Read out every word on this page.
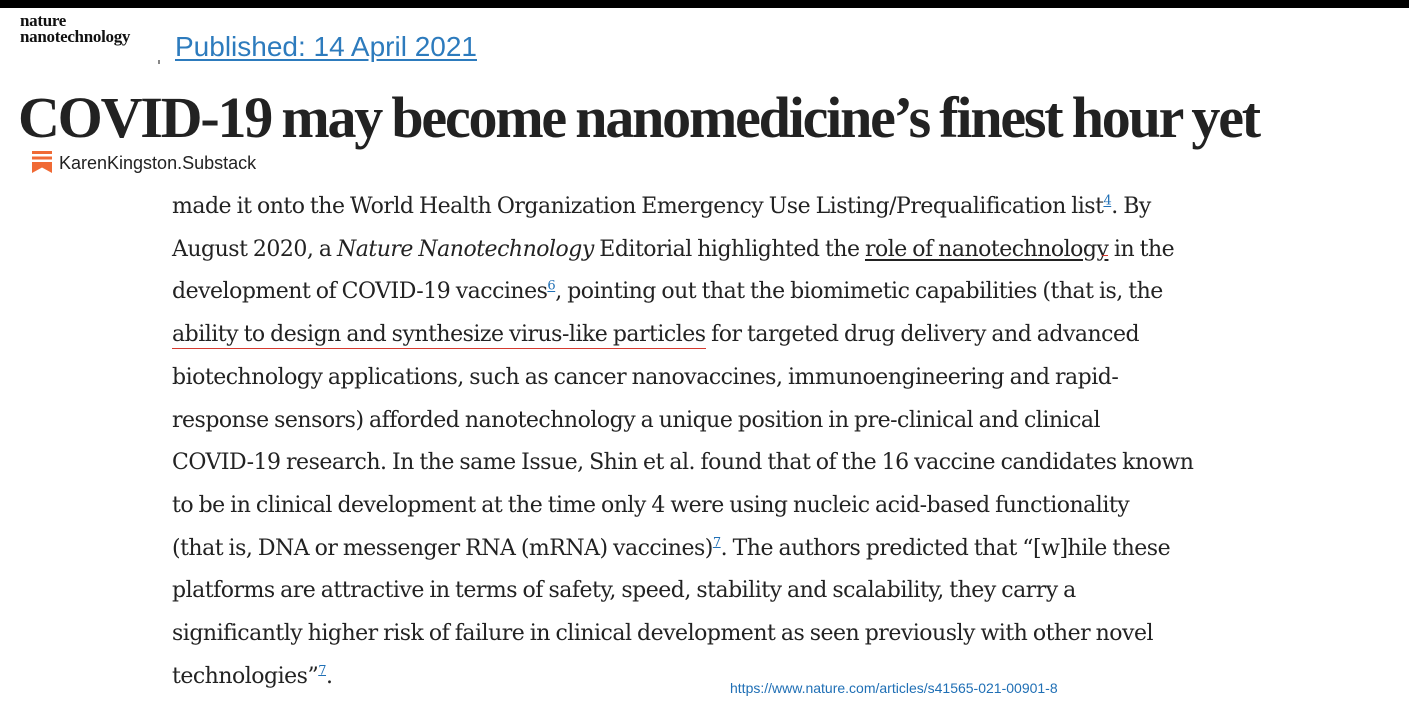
nature
nanotechnology Published: 14 April 2021
COVID-19 may become nanomedicine’s finest hour yet
KarenKingston.Substack

made it onto the World Health Organization Emergency Use Listing/Prequalification list$^4$. By
August 2020, a Nature Nanotechnology Editorial highlighted the role of nanotechnology in the
development of COVID-19 vaccines$^6$, pointing out that the biomimetic capabilities (that is, the
ability to design and synthesize virus-like particles for targeted drug delivery and advanced
biotechnology applications, such as cancer nanovaccines, immunoengineering and rapid-
response sensors) afforded nanotechnology a unique position in pre-clinical and clinical
COVID-19 research. In the same Issue, Shin et al. found that of the 16 vaccine candidates known
to be in clinical development at the time only 4 were using nucleic acid-based functionality
(that is, DNA or messenger RNA (mRNA) vaccines)$^7$. The authors predicted that “[w]hile these
platforms are attractive in terms of safety, speed, stability and scalability, they carry a
significantly higher risk of failure in clinical development as seen previously with other novel
technologies”$^7$.	https://www.nature.com/articles/s41565-021-00901-8
